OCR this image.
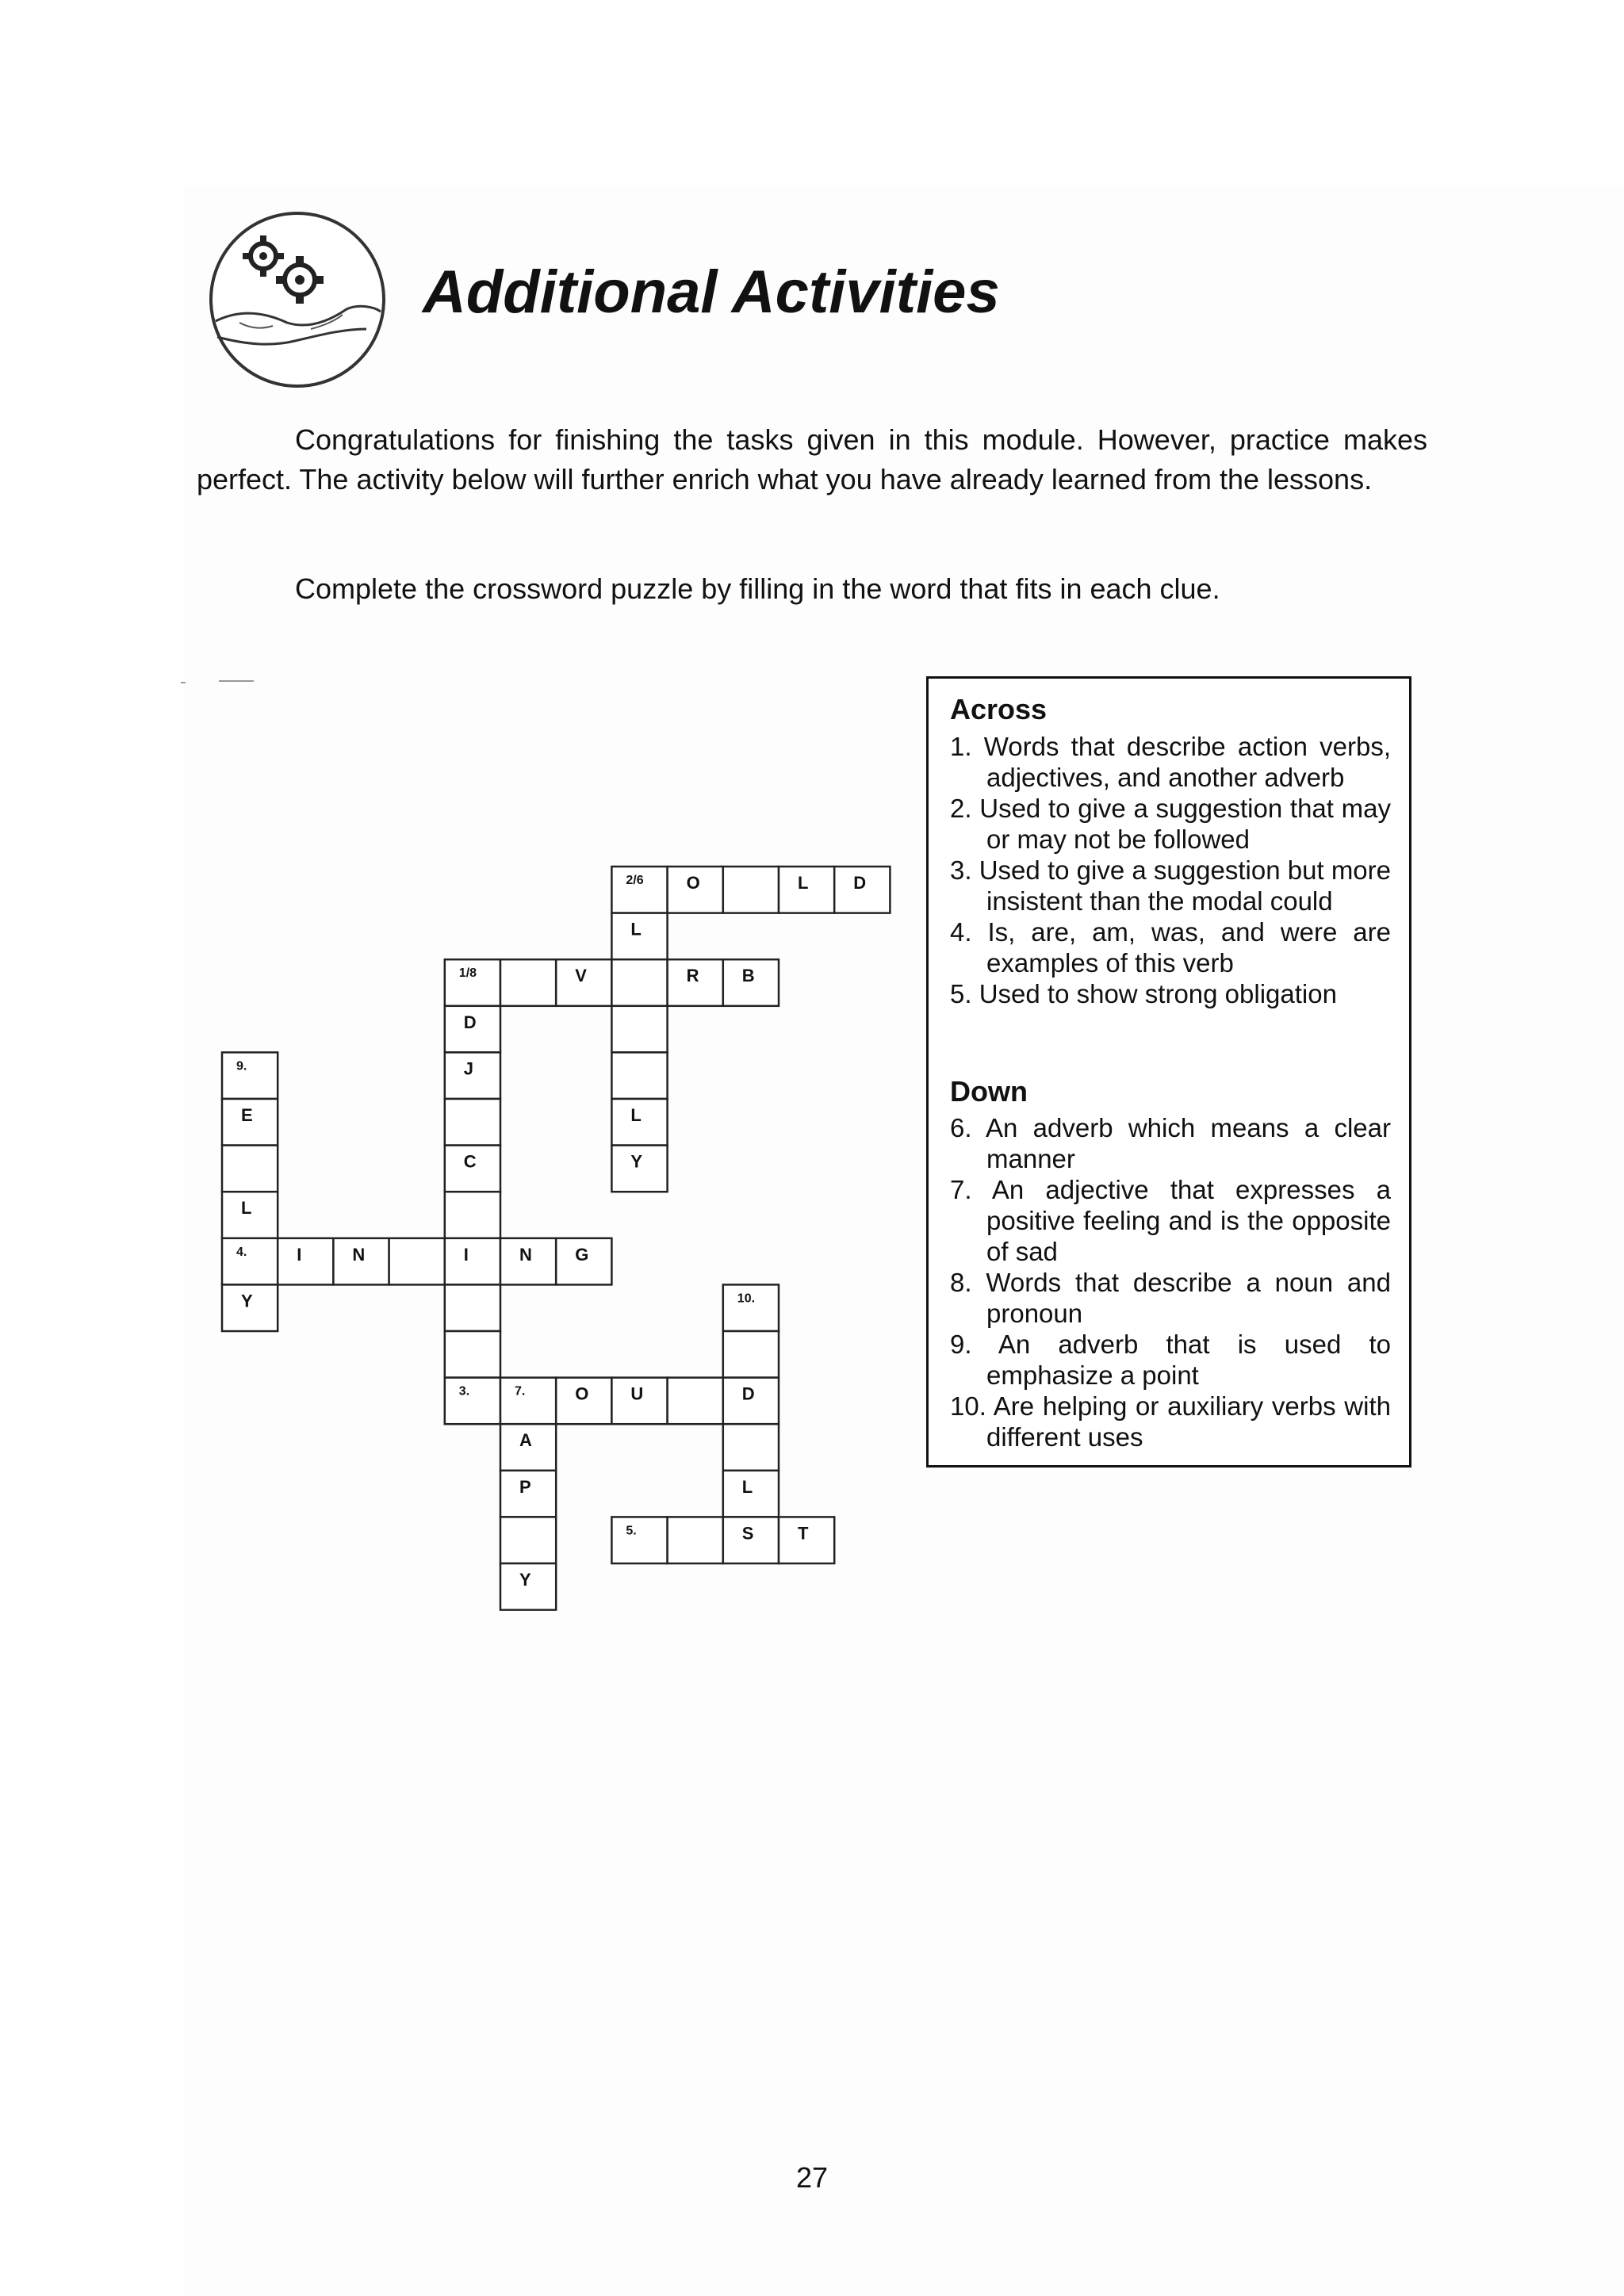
Additional Activities
Congratulations for finishing the tasks given in this module. However, practice makes perfect. The activity below will further enrich what you have already learned from the lessons.
Complete the crossword puzzle by filling in the word that fits in each clue.
2/6 O	L	D
L
1/8	V	R B
D
9.	J
E	L
C	Y
L
4.	I	N	I	N G
Y	10.
3.	7.	O U	D
A
P	L
5.	S	T
Y
Across
1. Words that describe action verbs, adjectives, and another adverb
2. Used to give a suggestion that may or may not be followed
3. Used to give a suggestion but more insistent than the modal could
4. Is, are, am, was, and were are examples of this verb
5. Used to show strong obligation
Down
6. An adverb which means a clear manner
7. An adjective that expresses a positive feeling and is the opposite of sad
8. Words that describe a noun and pronoun
9. An adverb that is used to emphasize a point
10. Are helping or auxiliary verbs with different uses
27
